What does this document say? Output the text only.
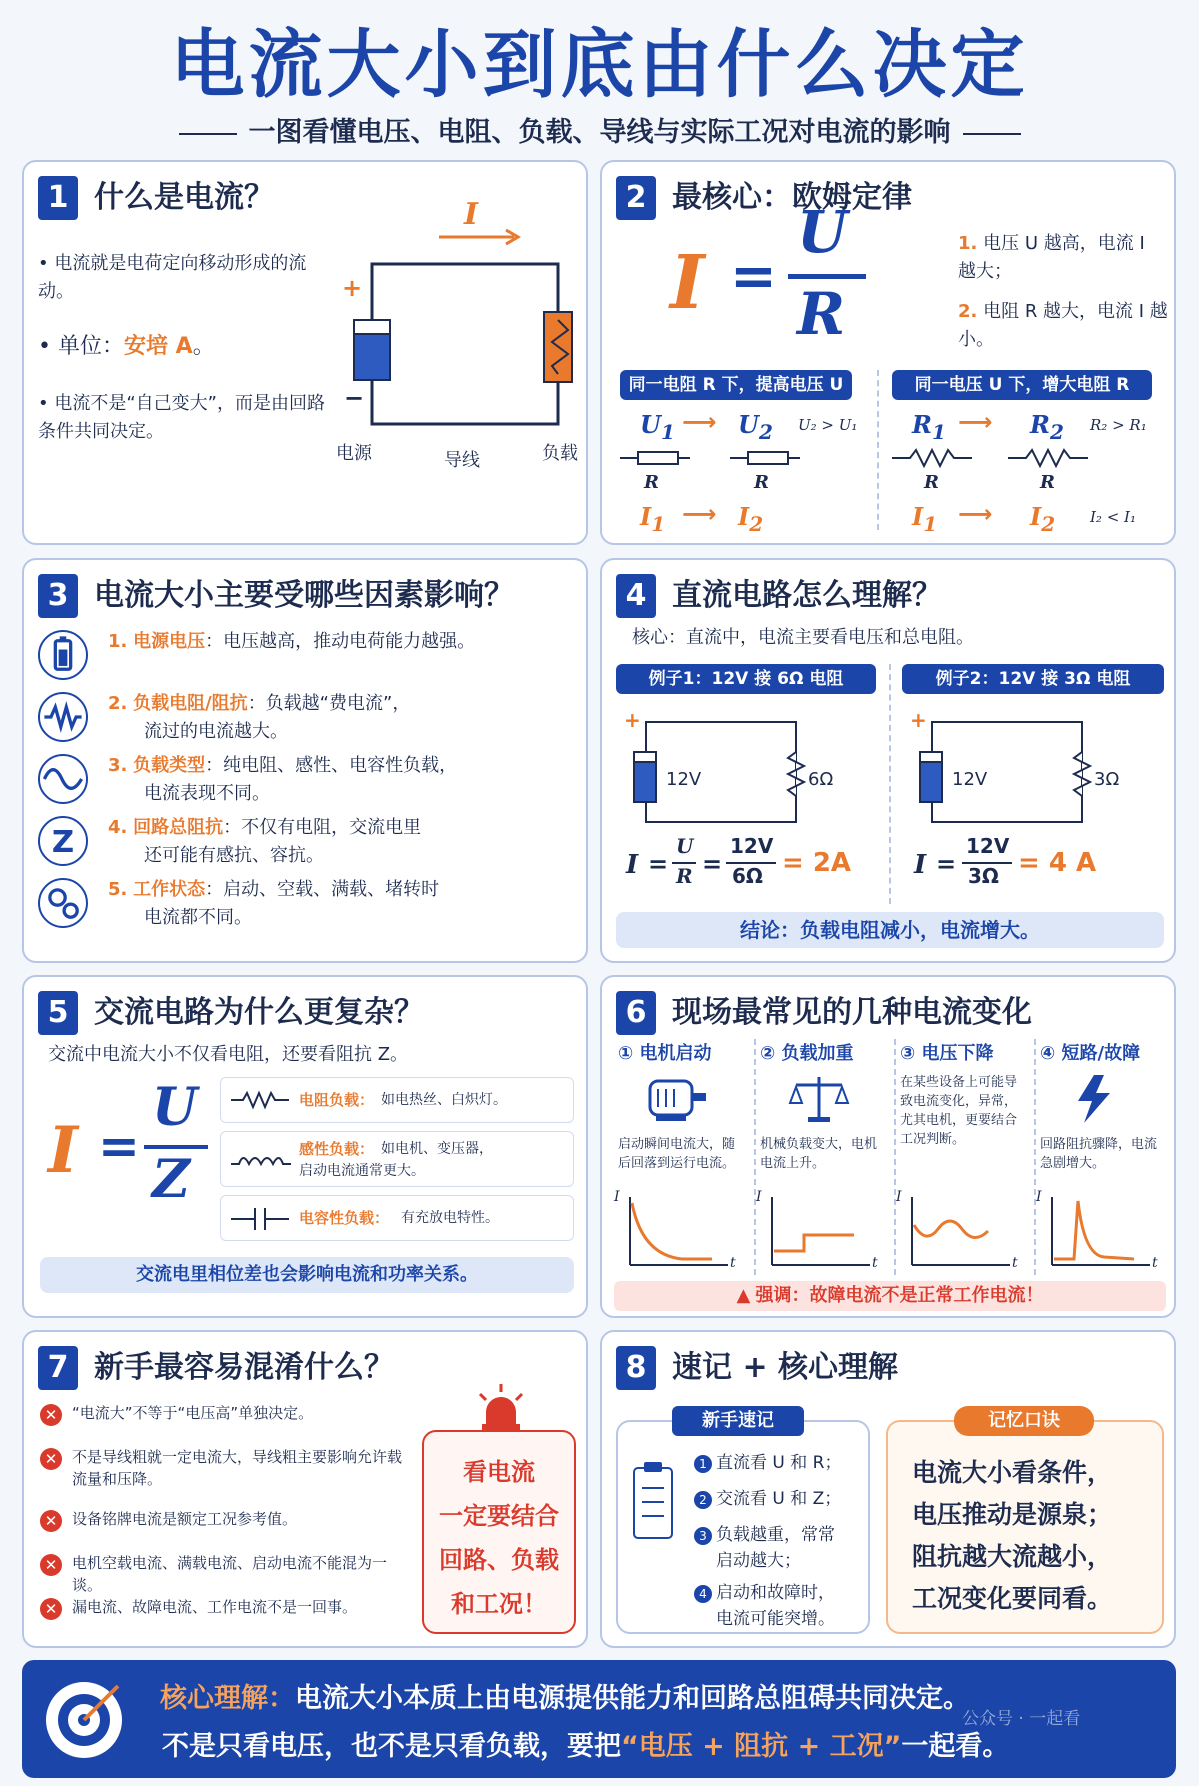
电流大小到底由什么决定
一图看懂电压、电阻、负载、导线与实际工况对电流的影响
1 什么是电流？
• 电流就是电荷定向移动形成的流动。
• 单位：安培 A。
• 电流不是“自己变大”，而是由回路条件共同决定。
I
+
−
电源	导线	负载
2 最核心：欧姆定律
I =
U
R
1. 电压 U 越高，电流 I 越大；
2. 电阻 R 越大，电流 I 越小。
同一电阻 R 下，提高电压 U	同一电压 U 下，增大电阻 R
$U_1$ ⟶ $U_2$ U₂ > U₁
R	R
$I_1$ ⟶ $I_2$
$R_1$ ⟶ $R_2$ R₂ > R₁
R	R
$I_1$ ⟶ $I_2$ I₂ < I₁
3 电流大小主要受哪些因素影响？
1. 电源电压：电压越高，推动电荷能力越强。
2. 负载电阻/阻抗：负载越“费电流”，
流过的电流越大。
3. 负载类型：纯电阻、感性、电容性负载，
电流表现不同。
Z 4. 回路总阻抗：不仅有电阻，交流电里
还可能有感抗、容抗。
5. 工作状态：启动、空载、满载、堵转时
电流都不同。
4 直流电路怎么理解？
核心：直流中，电流主要看电压和总电阻。
例子1：12V 接 6Ω 电阻	例子2：12V 接 3Ω 电阻
+	+
12V	6Ω	12V	3Ω
I =
U
R =
12V
6Ω = 2A I =
12V
3Ω = 4 A
结论：负载电阻减小，电流增大。
5 交流电路为什么更复杂？
交流中电流大小不仅看电阻，还要看阻抗 Z。
I =
U
Z
电阻负载： 如电热丝、白炽灯。
感性负载： 如电机、变压器，
启动电流通常更大。
电容性负载： 有充放电特性。
交流电里相位差也会影响电流和功率关系。
6 现场最常见的几种电流变化
① 电机启动
启动瞬间电流大，随后回落到运行电流。
I
t
② 负载加重
机械负载变大，电机电流上升。
I
t
③ 电压下降
在某些设备上可能导致电流变化，异常，尤其电机，更要结合工况判断。
I
t
④ 短路/故障
回路阻抗骤降，电流急剧增大。
I
t
▲ 强调：故障电流不是正常工作电流！
7 新手最容易混淆什么？
✕ “电流大”不等于“电压高”单独决定。
✕ 不是导线粗就一定电流大，导线粗主要影响允许载流量和压降。
✕ 设备铭牌电流是额定工况参考值。
✕ 电机空载电流、满载电流、启动电流不能混为一谈。
✕ 漏电流、故障电流、工作电流不是一回事。
看电流
一定要结合
回路、负载
和工况！
8 速记 + 核心理解
新手速记
1 直流看 U 和 R；
2 交流看 U 和 Z；
3 负载越重，常常
启动越大；
4 启动和故障时，
电流可能突增。
记忆口诀
电流大小看条件，
电压推动是源泉；
阻抗越大流越小，
工况变化要同看。
核心理解：电流大小本质上由电源提供能力和回路总阻碍共同决定。
不是只看电压，也不是只看负载，要把“电压 + 阻抗 + 工况”一起看。
公众号 · 一起看
